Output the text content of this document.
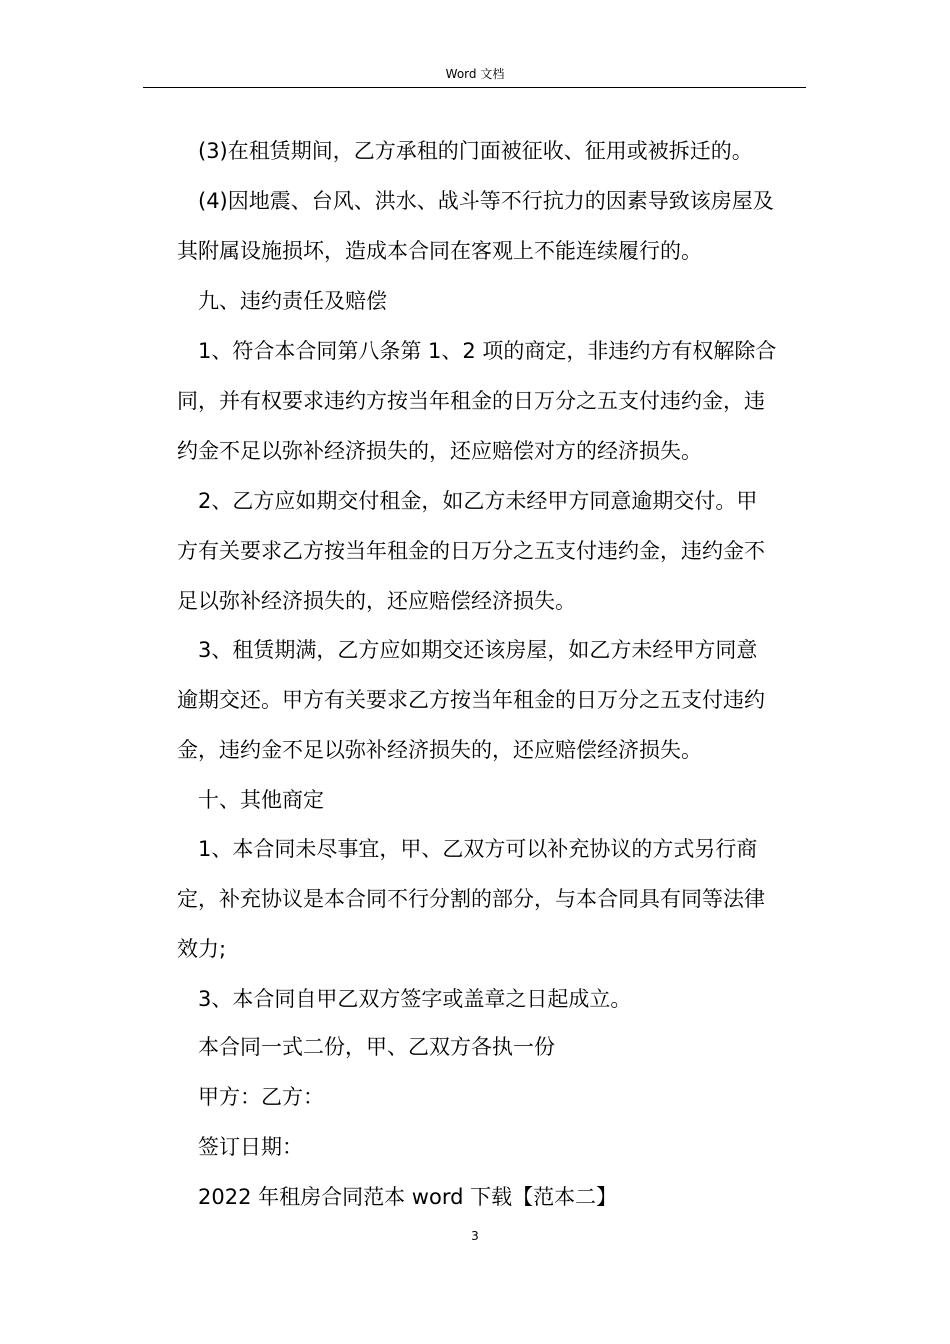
Word 文档
(3)在租赁期间，乙方承租的门面被征收、征用或被拆迁的。
(4)因地震、台风、洪水、战斗等不行抗力的因素导致该房屋及
其附属设施损坏，造成本合同在客观上不能连续履行的。
九、违约责任及赔偿
1、符合本合同第八条第 1、2 项的商定，非违约方有权解除合
同，并有权要求违约方按当年租金的日万分之五支付违约金，违
约金不足以弥补经济损失的，还应赔偿对方的经济损失。
2、乙方应如期交付租金，如乙方未经甲方同意逾期交付。甲
方有关要求乙方按当年租金的日万分之五支付违约金，违约金不
足以弥补经济损失的，还应赔偿经济损失。
3、租赁期满，乙方应如期交还该房屋，如乙方未经甲方同意
逾期交还。甲方有关要求乙方按当年租金的日万分之五支付违约
金，违约金不足以弥补经济损失的，还应赔偿经济损失。
十、其他商定
1、本合同未尽事宜，甲、乙双方可以补充协议的方式另行商
定，补充协议是本合同不行分割的部分，与本合同具有同等法律
效力;
3、本合同自甲乙双方签字或盖章之日起成立。
本合同一式二份，甲、乙双方各执一份
甲方：乙方：
签订日期：
2022 年租房合同范本 word 下载【范本二】
3
